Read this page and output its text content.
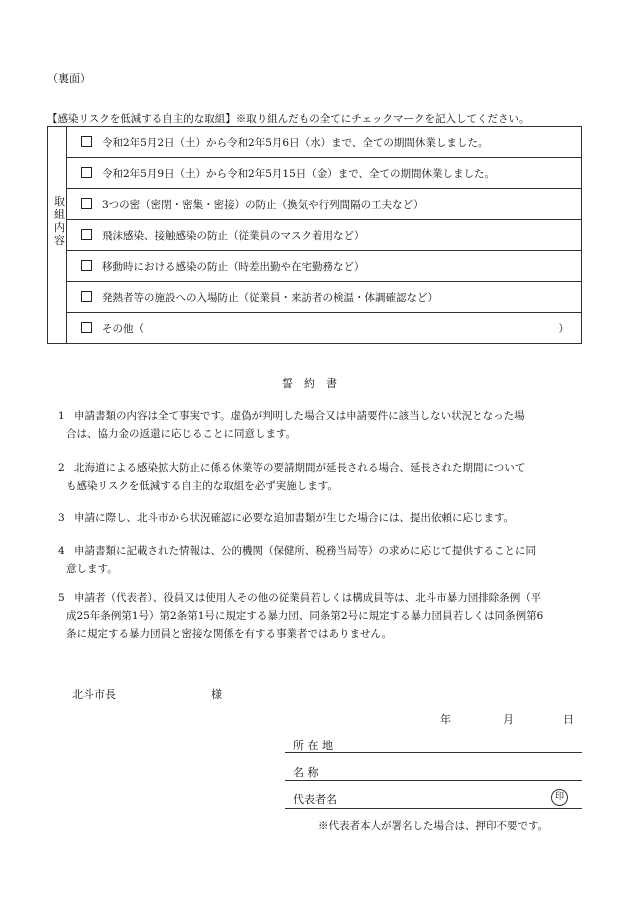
（裏面）
【感染リスクを低減する自主的な取組】※取り組んだもの全てにチェックマークを記入してください。
	令和2年5月2日（土）から令和2年5月6日（水）まで、全ての期間休業しました。
令和2年5月9日（土）から令和2年5月15日（金）まで、全ての期間休業しました。
3つの密（密閉・密集・密接）の防止（換気や行列間隔の工夫など）
飛沫感染、接触感染の防止（従業員のマスク着用など）
移動時における感染の防止（時差出勤や在宅勤務など）
発熱者等の施設への入場防止（従業員・来訪者の検温・体調確認など）
その他（	）
取
組
内
容
誓約書
1 申請書類の内容は全て事実です。虚偽が判明した場合又は申請要件に該当しない状況となった場
合は、協力金の返還に応じることに同意します。
2 北海道による感染拡大防止に係る休業等の要請期間が延長される場合、延長された期間について
も感染リスクを低減する自主的な取組を必ず実施します。
3 申請に際し、北斗市から状況確認に必要な追加書類が生じた場合には、提出依頼に応じます。
4 申請書類に記載された情報は、公的機関（保健所、税務当局等）の求めに応じて提供することに同
意します。
5 申請者（代表者）、役員又は使用人その他の従業員若しくは構成員等は、北斗市暴力団排除条例（平
成25年条例第1号）第2条第1号に規定する暴力団、同条第2号に規定する暴力団員若しくは同条例第6
条に規定する暴力団員と密接な関係を有する事業者ではありません。
北斗市長	様
年	月	日
所 在 地
名 称
代表者名	印
※代表者本人が署名した場合は、押印不要です。
